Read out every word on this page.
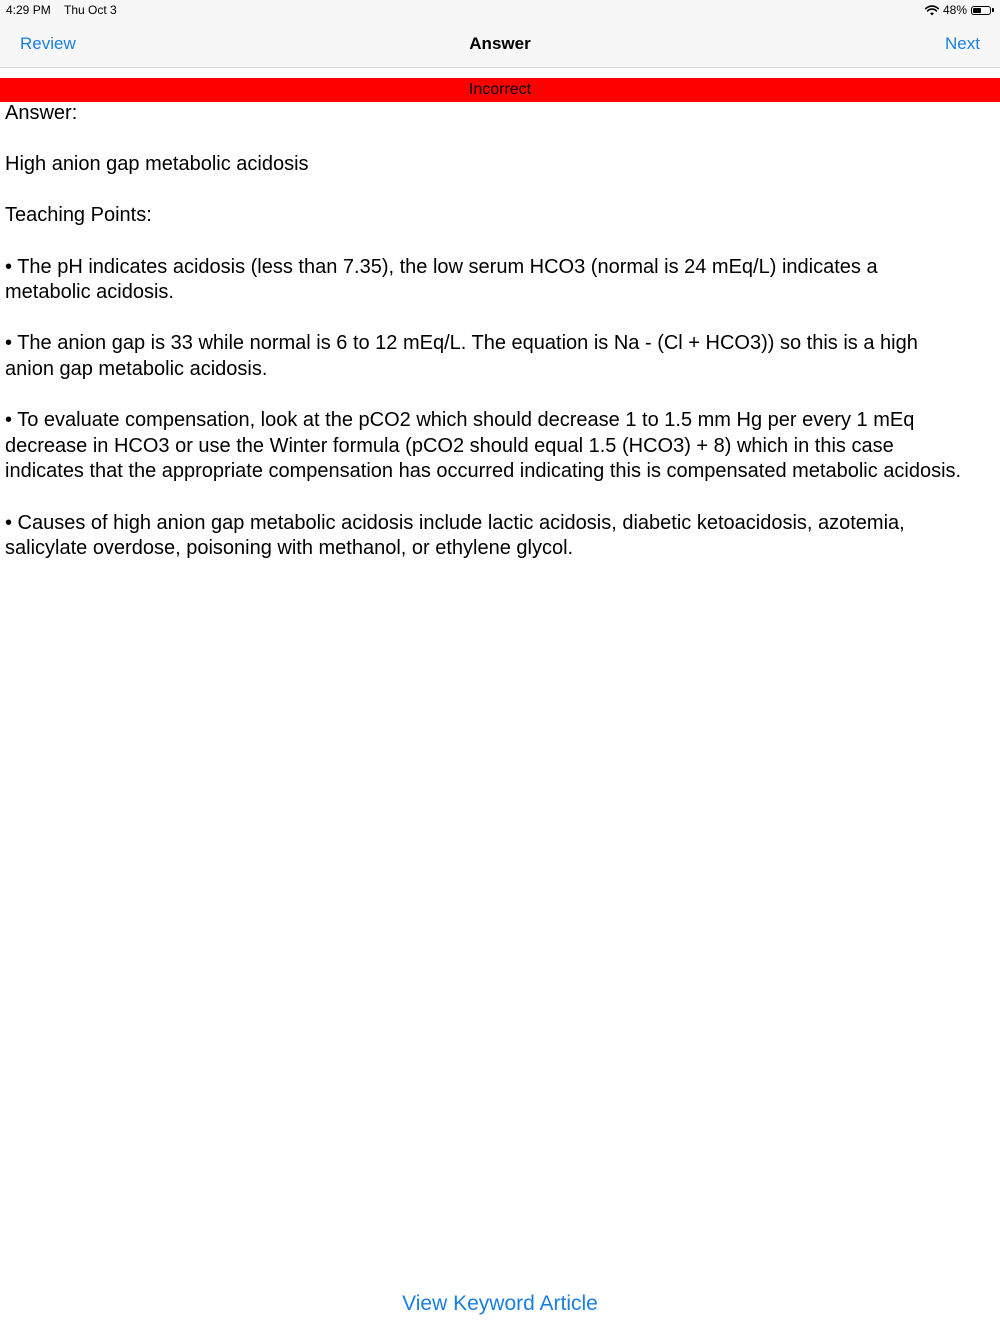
4:29 PM Thu Oct 3	48%
Review	Answer	Next
Incorrect

Answer:

High anion gap metabolic acidosis

Teaching Points:

• The pH indicates acidosis (less than 7.35), the low serum HCO3 (normal is 24 mEq/L) indicates a metabolic acidosis.

• The anion gap is 33 while normal is 6 to 12 mEq/L. The equation is Na - (Cl + HCO3)) so this is a high anion gap metabolic acidosis.

• To evaluate compensation, look at the pCO2 which should decrease 1 to 1.5 mm Hg per every 1 mEq decrease in HCO3 or use the Winter formula (pCO2 should equal 1.5 (HCO3) + 8) which in this case indicates that the appropriate compensation has occurred indicating this is compensated metabolic acidosis.

• Causes of high anion gap metabolic acidosis include lactic acidosis, diabetic ketoacidosis, azotemia, salicylate overdose, poisoning with methanol, or ethylene glycol.

View Keyword Article
